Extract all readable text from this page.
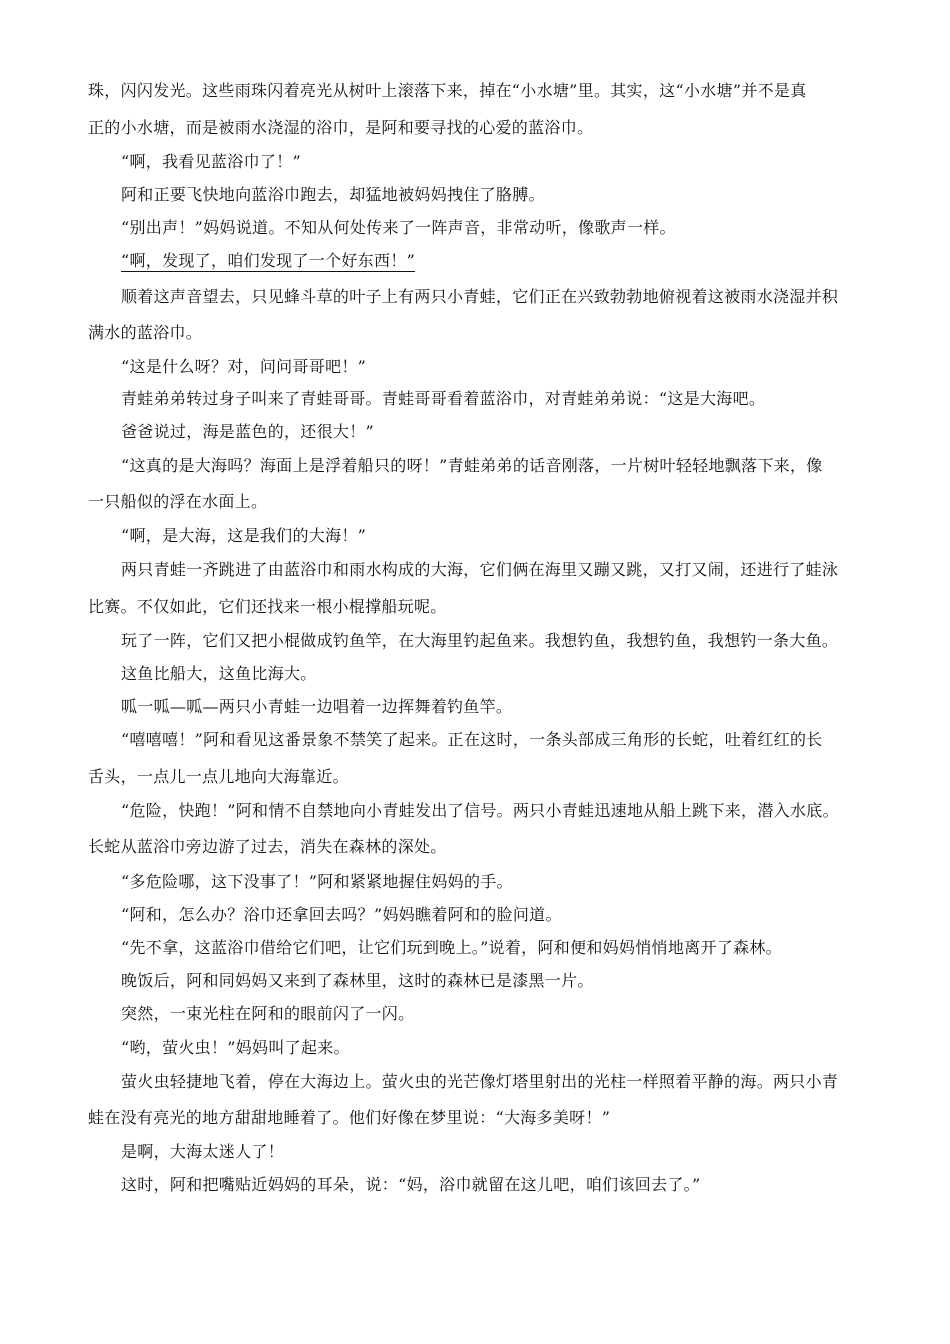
珠，闪闪发光。这些雨珠闪着亮光从树叶上滚落下来，掉在“小水塘”里。其实，这“小水塘”并不是真
正的小水塘，而是被雨水浇湿的浴巾，是阿和要寻找的心爱的蓝浴巾。
“啊，我看见蓝浴巾了！”
阿和正要飞快地向蓝浴巾跑去，却猛地被妈妈拽住了胳膊。
“别出声！”妈妈说道。不知从何处传来了一阵声音，非常动听，像歌声一样。
“啊，发现了，咱们发现了一个好东西！”
顺着这声音望去，只见蜂斗草的叶子上有两只小青蛙，它们正在兴致勃勃地俯视着这被雨水浇湿并积
满水的蓝浴巾。
“这是什么呀？对，问问哥哥吧！”
青蛙弟弟转过身子叫来了青蛙哥哥。青蛙哥哥看着蓝浴巾，对青蛙弟弟说：“这是大海吧。
爸爸说过，海是蓝色的，还很大！”
“这真的是大海吗？海面上是浮着船只的呀！”青蛙弟弟的话音刚落，一片树叶轻轻地飘落下来，像
一只船似的浮在水面上。
“啊，是大海，这是我们的大海！”
两只青蛙一齐跳进了由蓝浴巾和雨水构成的大海，它们俩在海里又蹦又跳，又打又闹，还进行了蛙泳
比赛。不仅如此，它们还找来一根小棍撑船玩呢。
玩了一阵，它们又把小棍做成钓鱼竿，在大海里钓起鱼来。我想钓鱼，我想钓鱼，我想钓一条大鱼。
这鱼比船大，这鱼比海大。
呱一呱—呱—两只小青蛙一边唱着一边挥舞着钓鱼竿。
“嘻嘻嘻！”阿和看见这番景象不禁笑了起来。正在这时，一条头部成三角形的长蛇，吐着红红的长
舌头，一点儿一点儿地向大海靠近。
“危险，快跑！”阿和情不自禁地向小青蛙发出了信号。两只小青蛙迅速地从船上跳下来，潜入水底。
长蛇从蓝浴巾旁边游了过去，消失在森林的深处。
“多危险哪，这下没事了！”阿和紧紧地握住妈妈的手。
“阿和，怎么办？浴巾还拿回去吗？”妈妈瞧着阿和的脸问道。
“先不拿，这蓝浴巾借给它们吧，让它们玩到晚上。”说着，阿和便和妈妈悄悄地离开了森林。
晚饭后，阿和同妈妈又来到了森林里，这时的森林已是漆黑一片。
突然，一束光柱在阿和的眼前闪了一闪。
“哟，萤火虫！”妈妈叫了起来。
萤火虫轻捷地飞着，停在大海边上。萤火虫的光芒像灯塔里射出的光柱一样照着平静的海。两只小青
蛙在没有亮光的地方甜甜地睡着了。他们好像在梦里说：“大海多美呀！”
是啊，大海太迷人了！
这时，阿和把嘴贴近妈妈的耳朵，说：“妈，浴巾就留在这儿吧，咱们该回去了。”
